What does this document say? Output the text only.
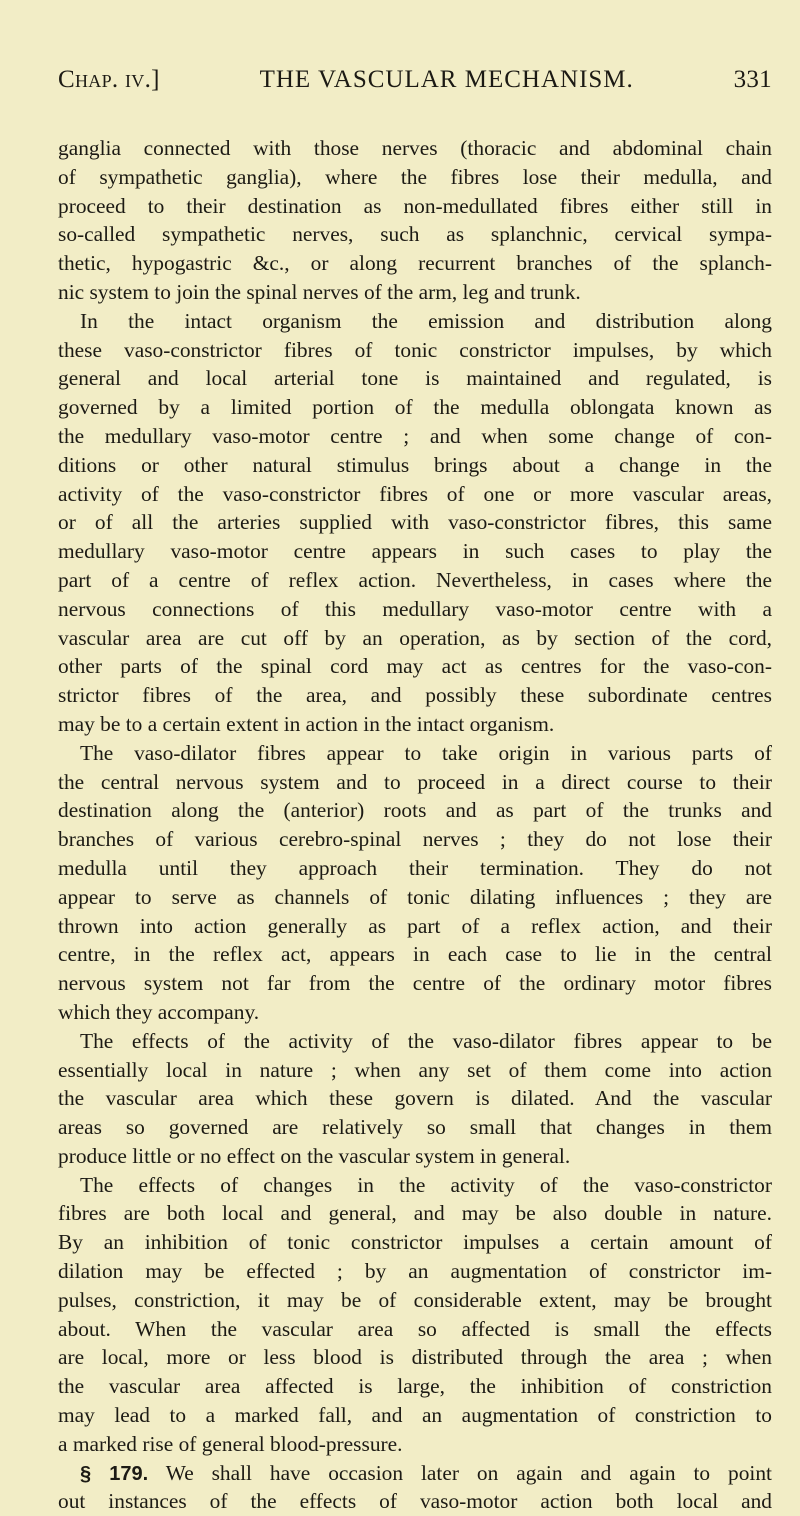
Chap. iv.]	THE VASCULAR MECHANISM.	331
ganglia connected with those nerves (thoracic and abdominal chain
of sympathetic ganglia), where the fibres lose their medulla, and
proceed to their destination as non-medullated fibres either still in
so-called sympathetic nerves, such as splanchnic, cervical sympa-
thetic, hypogastric &c., or along recurrent branches of the splanch-
nic system to join the spinal nerves of the arm, leg and trunk.
In the intact organism the emission and distribution along
these vaso-constrictor fibres of tonic constrictor impulses, by which
general and local arterial tone is maintained and regulated, is
governed by a limited portion of the medulla oblongata known as
the medullary vaso-motor centre ; and when some change of con-
ditions or other natural stimulus brings about a change in the
activity of the vaso-constrictor fibres of one or more vascular areas,
or of all the arteries supplied with vaso-constrictor fibres, this same
medullary vaso-motor centre appears in such cases to play the
part of a centre of reflex action. Nevertheless, in cases where the
nervous connections of this medullary vaso-motor centre with a
vascular area are cut off by an operation, as by section of the cord,
other parts of the spinal cord may act as centres for the vaso-con-
strictor fibres of the area, and possibly these subordinate centres
may be to a certain extent in action in the intact organism.
The vaso-dilator fibres appear to take origin in various parts of
the central nervous system and to proceed in a direct course to their
destination along the (anterior) roots and as part of the trunks and
branches of various cerebro-spinal nerves ; they do not lose their
medulla until they approach their termination. They do not
appear to serve as channels of tonic dilating influences ; they are
thrown into action generally as part of a reflex action, and their
centre, in the reflex act, appears in each case to lie in the central
nervous system not far from the centre of the ordinary motor fibres
which they accompany.
The effects of the activity of the vaso-dilator fibres appear to be
essentially local in nature ; when any set of them come into action
the vascular area which these govern is dilated. And the vascular
areas so governed are relatively so small that changes in them
produce little or no effect on the vascular system in general.
The effects of changes in the activity of the vaso-constrictor
fibres are both local and general, and may be also double in nature.
By an inhibition of tonic constrictor impulses a certain amount of
dilation may be effected ; by an augmentation of constrictor im-
pulses, constriction, it may be of considerable extent, may be brought
about. When the vascular area so affected is small the effects
are local, more or less blood is distributed through the area ; when
the vascular area affected is large, the inhibition of constriction
may lead to a marked fall, and an augmentation of constriction to
a marked rise of general blood-pressure.
§ 179. We shall have occasion later on again and again to point
out instances of the effects of vaso-motor action both local and
